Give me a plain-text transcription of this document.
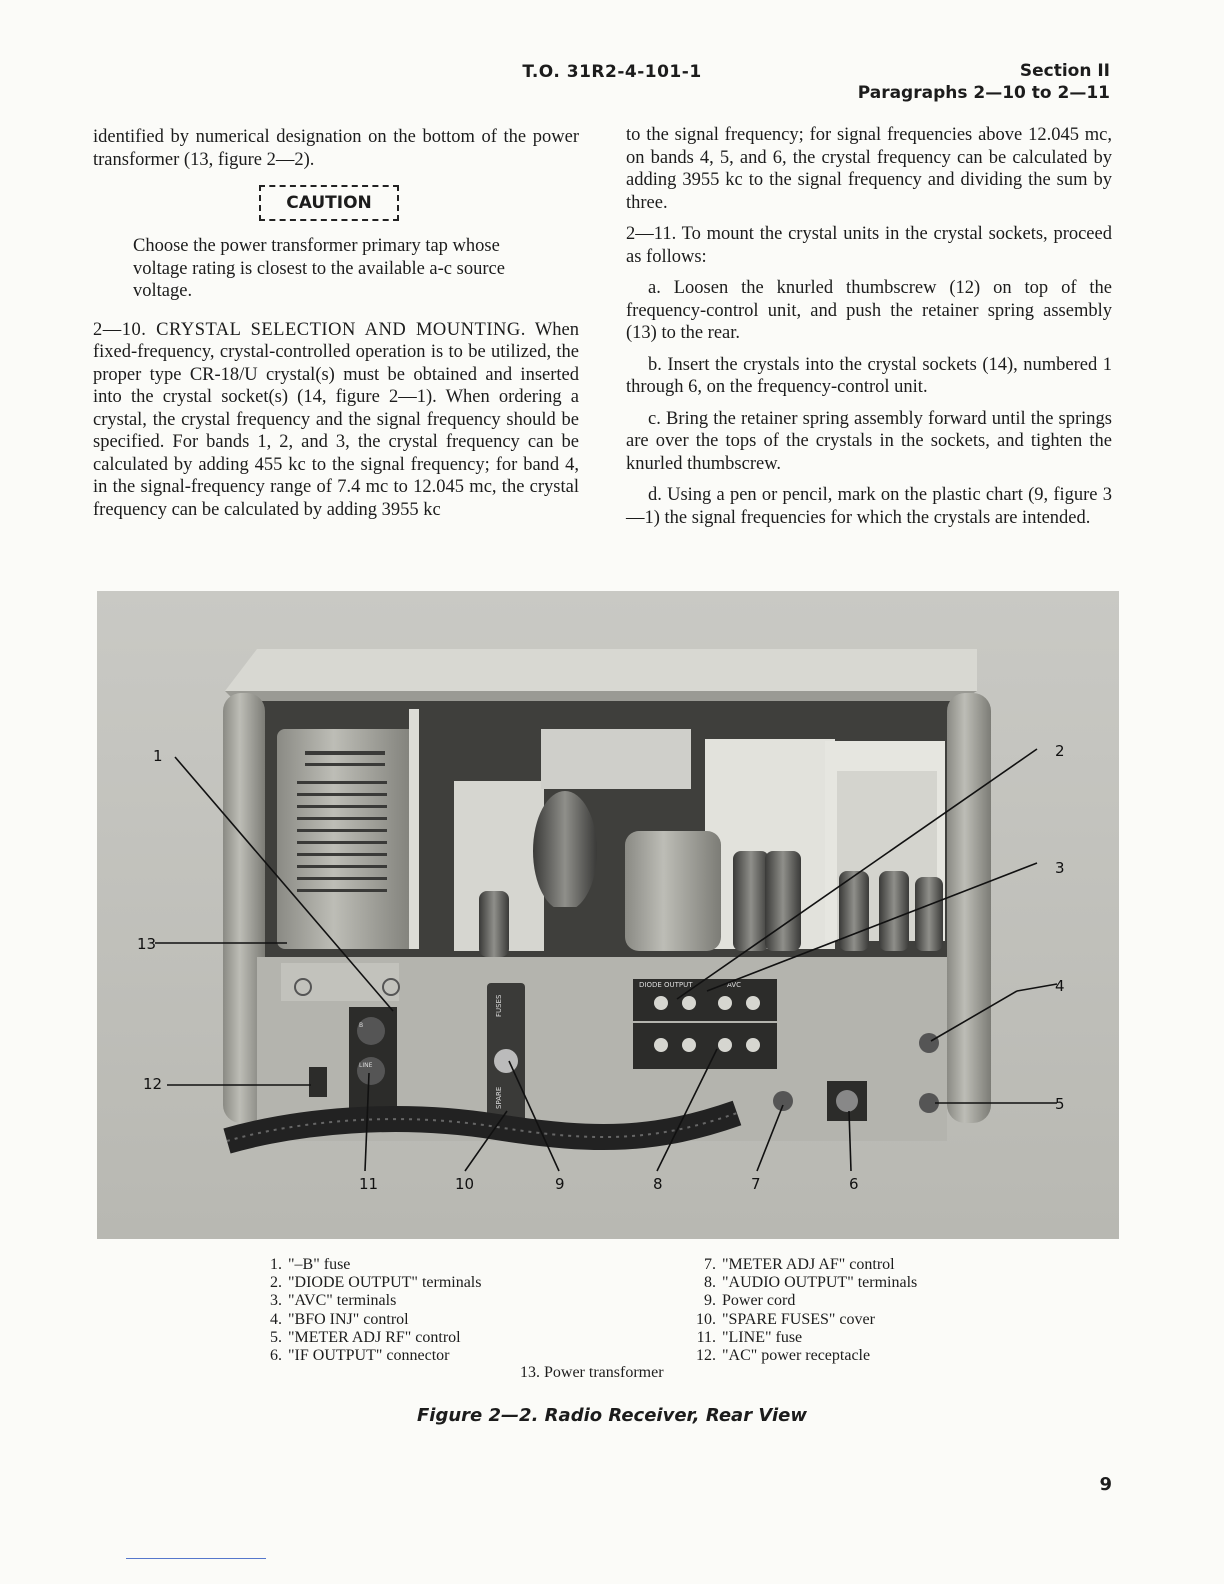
T.O. 31R2-4-101-1	Section II
Paragraphs 2—10 to 2—11

identified by numerical designation on the bottom of the power transformer (13, figure 2—2).

CAUTION

Choose the power transformer primary tap whose voltage rating is closest to the available a-c source voltage.

2—10. CRYSTAL SELECTION AND MOUNTING. When fixed-frequency, crystal-controlled operation is to be utilized, the proper type CR-18/U crystal(s) must be obtained and inserted into the crystal socket(s) (14, figure 2—1). When ordering a crystal, the crystal frequency and the signal frequency should be specified. For bands 1, 2, and 3, the crystal frequency can be calculated by adding 455 kc to the signal frequency; for band 4, in the signal-frequency range of 7.4 mc to 12.045 mc, the crystal frequency can be calculated by adding 3955 kc

to the signal frequency; for signal frequencies above 12.045 mc, on bands 4, 5, and 6, the crystal frequency can be calculated by adding 3955 kc to the signal frequency and dividing the sum by three.

2—11. To mount the crystal units in the crystal sockets, proceed as follows:

a. Loosen the knurled thumbscrew (12) on top of the frequency-control unit, and push the retainer spring assembly (13) to the rear.

b. Insert the crystals into the crystal sockets (14), numbered 1 through 6, on the frequency-control unit.

c. Bring the retainer spring assembly forward until the springs are over the tops of the crystals in the sockets, and tighten the knurled thumbscrew.

d. Using a pen or pencil, mark on the plastic chart (9, figure 3—1) the signal frequencies for which the crystals are intended.

B
LINE
FUSES
SPARE
DIODE OUTPUT	AVC
1	2
3
4
5
6
7
8
9
10
11
12
13
1. "–B" fuse
2. "DIODE OUTPUT" terminals
3. "AVC" terminals
4. "BFO INJ" control
5. "METER ADJ RF" control
6. "IF OUTPUT" connector
7. "METER ADJ AF" control
8. "AUDIO OUTPUT" terminals
9. Power cord
10. "SPARE FUSES" cover
11. "LINE" fuse
12. "AC" power receptacle
13. Power transformer
Figure 2—2. Radio Receiver, Rear View
9
